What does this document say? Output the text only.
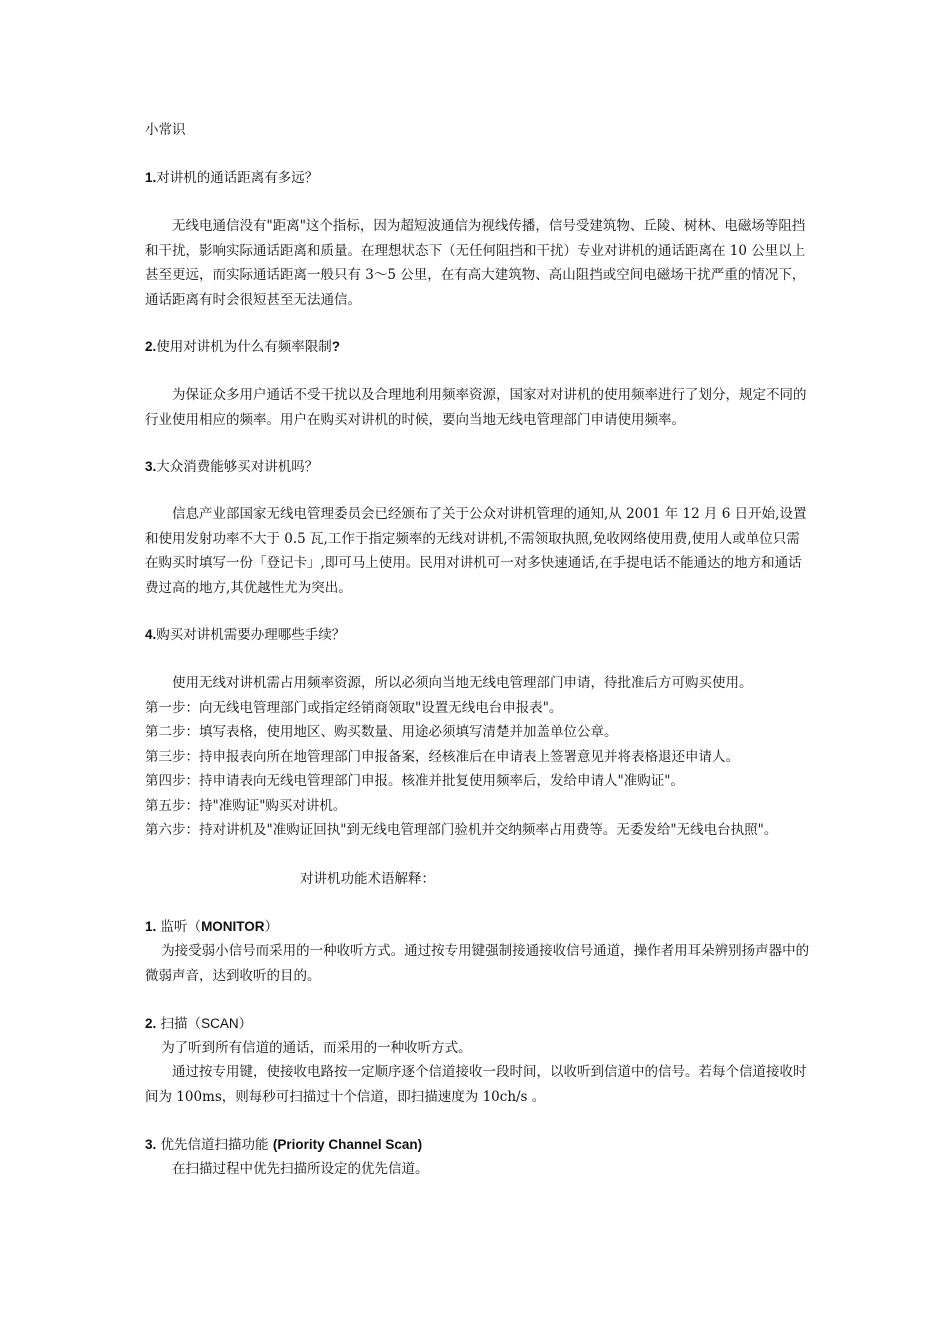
小常识

1.对讲机的通话距离有多远？

无线电通信没有"距离"这个指标，因为超短波通信为视线传播，信号受建筑物、丘陵、树林、电磁场等阻挡和干扰，影响实际通话距离和质量。在理想状态下（无任何阻挡和干扰）专业对讲机的通话距离在 10 公里以上甚至更远，而实际通话距离一般只有 3～5 公里，在有高大建筑物、高山阻挡或空间电磁场干扰严重的情况下，通话距离有时会很短甚至无法通信。

2.使用对讲机为什么有频率限制?

为保证众多用户通话不受干扰以及合理地利用频率资源，国家对对讲机的使用频率进行了划分，规定不同的行业使用相应的频率。用户在购买对讲机的时候，要向当地无线电管理部门申请使用频率。

3.大众消费能够买对讲机吗？

信息产业部国家无线电管理委员会已经颁布了关于公众对讲机管理的通知,从 2001 年 12 月 6 日开始,设置和使用发射功率不大于 0.5 瓦,工作于指定频率的无线对讲机,不需领取执照,免收网络使用费,使用人或单位只需在购买时填写一份「登记卡」,即可马上使用。民用对讲机可一对多快速通话,在手提电话不能通达的地方和通话费过高的地方,其优越性尤为突出。

4.购买对讲机需要办理哪些手续？

使用无线对讲机需占用频率资源，所以必须向当地无线电管理部门申请，待批准后方可购买使用。
第一步：向无线电管理部门或指定经销商领取"设置无线电台申报表"。
第二步：填写表格，使用地区、购买数量、用途必须填写清楚并加盖单位公章。
第三步：持申报表向所在地管理部门申报备案，经核准后在申请表上签署意见并将表格退还申请人。
第四步：持申请表向无线电管理部门申报。核准并批复使用频率后，发给申请人"准购证"。
第五步：持"准购证"购买对讲机。
第六步：持对讲机及"准购证回执"到无线电管理部门验机并交纳频率占用费等。无委发给"无线电台执照"。

对讲机功能术语解释：

1. 监听（MONITOR）

为接受弱小信号而采用的一种收听方式。通过按专用键强制接通接收信号通道，操作者用耳朵辨别扬声器中的微弱声音，达到收听的目的。

2. 扫描（SCAN）

为了听到所有信道的通话，而采用的一种收听方式。

通过按专用键，使接收电路按一定顺序逐个信道接收一段时间，以收听到信道中的信号。若每个信道接收时间为 100ms，则每秒可扫描过十个信道，即扫描速度为 10ch/s 。

3. 优先信道扫描功能 (Priority Channel Scan)

在扫描过程中优先扫描所设定的优先信道。
